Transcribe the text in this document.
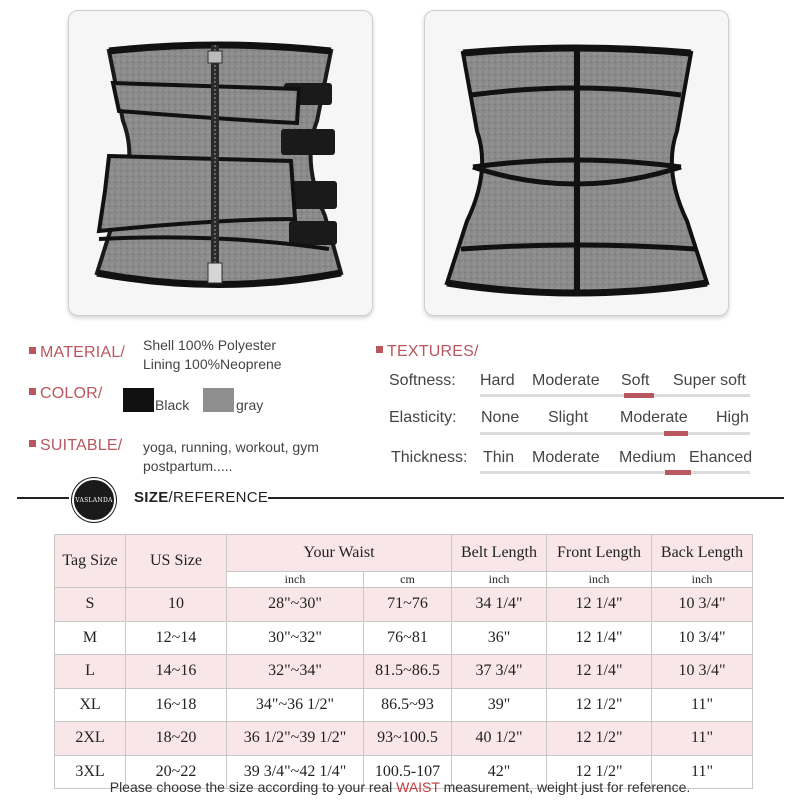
MATERIAL/ Shell 100% Polyester
Lining 100%Neoprene
COLOR/
Black	gray
SUITABLE/ yoga, running, workout, gym
postpartum.....
TEXTURES/
Softness: Hard Moderate Soft Super soft
Elasticity: None Slight Moderate High
Thickness: Thin Moderate Medium Ehanced
VASLANDA SIZE/REFERENCE
Tag Size	US Size	Your Waist		Belt Length	Front Length	Back Length
		inch	cm	inch	inch	inch
S	10	28"~30"	71~76	34 1/4"	12 1/4"	10 3/4"
M	12~14	30"~32"	76~81	36"	12 1/4"	10 3/4"
L	14~16	32"~34"	81.5~86.5	37 3/4"	12 1/4"	10 3/4"
XL	16~18	34"~36 1/2"	86.5~93	39"	12 1/2"	11"
2XL	18~20	36 1/2"~39 1/2"	93~100.5	40 1/2"	12 1/2"	11"
3XL	20~22	39 3/4"~42 1/4"	100.5-107	42"	12 1/2"	11"
Please choose the size according to your real WAIST measurement, weight just for reference.
